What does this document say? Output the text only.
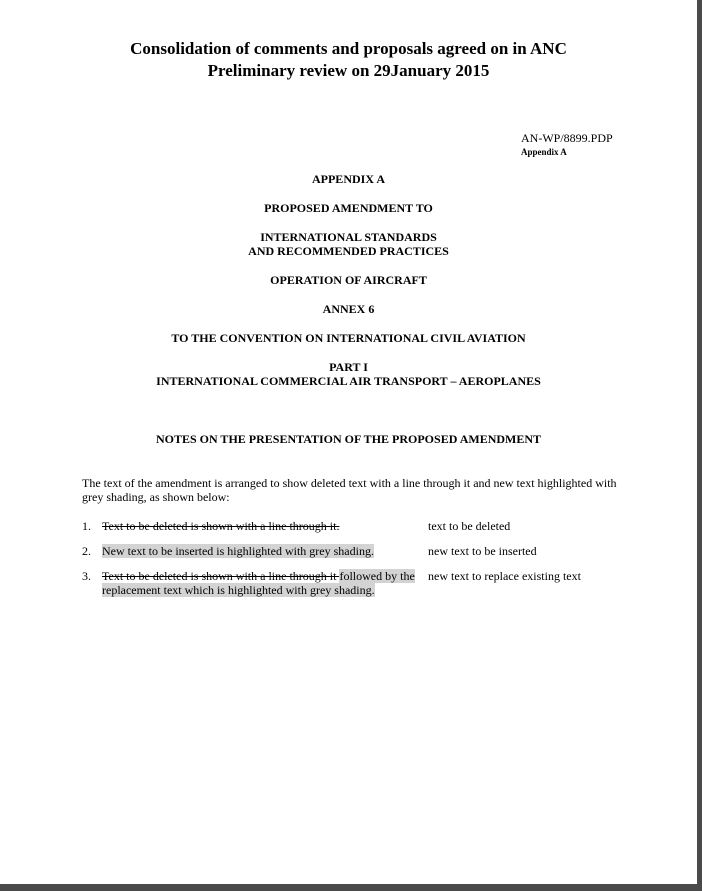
Consolidation of comments and proposals agreed on in ANC
Preliminary review on 29January 2015
AN-WP/8899.PDP
Appendix A
APPENDIX A
PROPOSED AMENDMENT TO
INTERNATIONAL STANDARDS
AND RECOMMENDED PRACTICES
OPERATION OF AIRCRAFT
ANNEX 6
TO THE CONVENTION ON INTERNATIONAL CIVIL AVIATION
PART I
INTERNATIONAL COMMERCIAL AIR TRANSPORT – AEROPLANES
NOTES ON THE PRESENTATION OF THE PROPOSED AMENDMENT
The text of the amendment is arranged to show deleted text with a line through it and new text highlighted with grey shading, as shown below:
1. Text to be deleted is shown with a line through it.	text to be deleted
2. New text to be inserted is highlighted with grey shading.	new text to be inserted
3. Text to be deleted is shown with a line through it followed by the replacement text which is highlighted with grey shading.
new text to replace existing text
